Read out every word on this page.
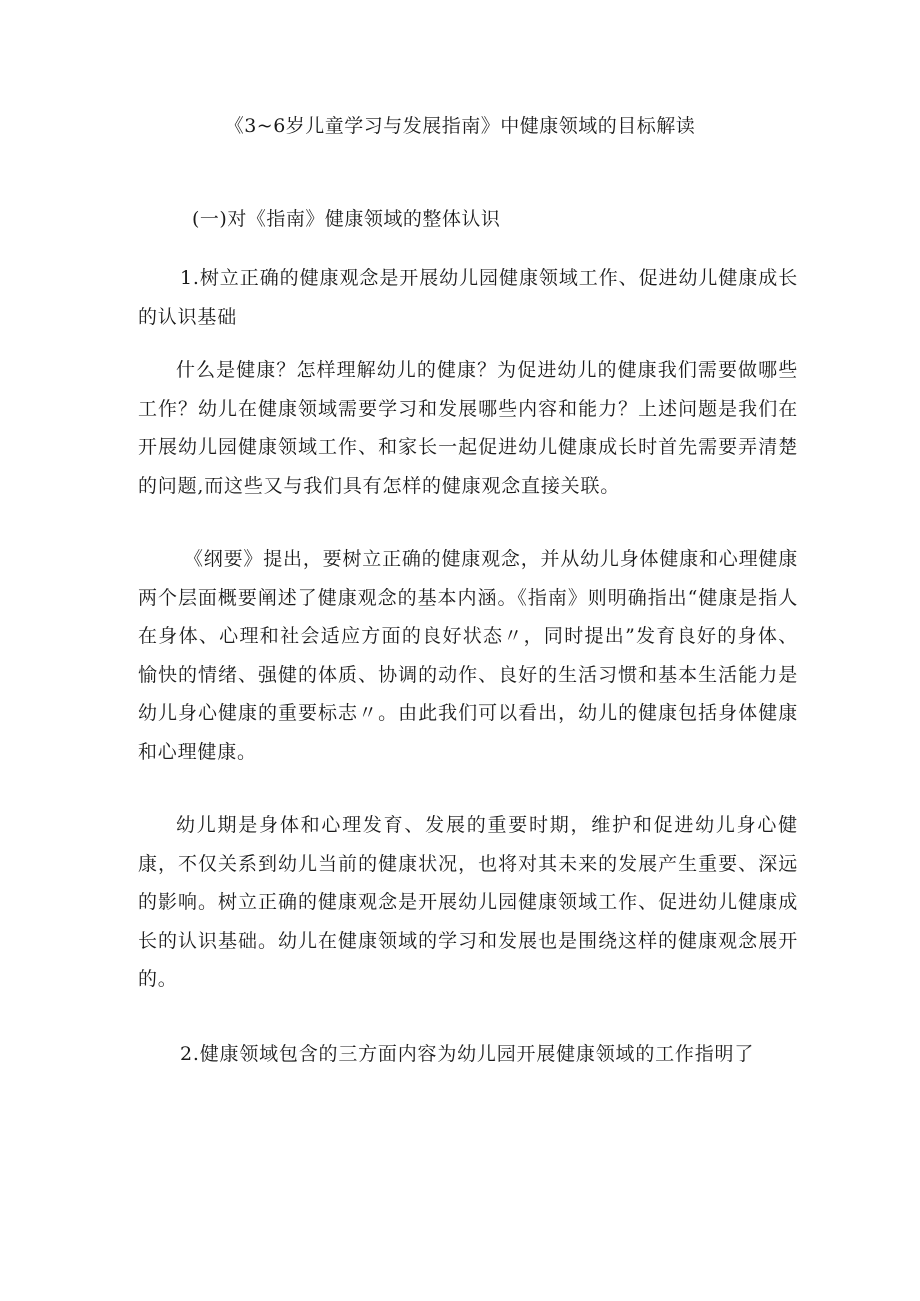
《3~6岁儿童学习与发展指南》中健康领域的目标解读
(一)对《指南》健康领域的整体认识

1.树立正确的健康观念是开展幼儿园健康领域工作、促进幼儿健康成长的认识基础

什么是健康？怎样理解幼儿的健康？为促进幼儿的健康我们需要做哪些工作？幼儿在健康领域需要学习和发展哪些内容和能力？上述问题是我们在开展幼儿园健康领域工作、和家长一起促进幼儿健康成长时首先需要弄清楚的问题,而这些又与我们具有怎样的健康观念直接关联。

《纲要》提出，要树立正确的健康观念，并从幼儿身体健康和心理健康两个层面概要阐述了健康观念的基本内涵。《指南》则明确指出“健康是指人在身体、心理和社会适应方面的良好状态〃，同时提出”发育良好的身体、愉快的情绪、强健的体质、协调的动作、良好的生活习惯和基本生活能力是幼儿身心健康的重要标志〃。由此我们可以看出，幼儿的健康包括身体健康和心理健康。

幼儿期是身体和心理发育、发展的重要时期，维护和促进幼儿身心健康，不仅关系到幼儿当前的健康状况，也将对其未来的发展产生重要、深远的影响。树立正确的健康观念是开展幼儿园健康领域工作、促进幼儿健康成长的认识基础。幼儿在健康领域的学习和发展也是围绕这样的健康观念展开的。

2.健康领域包含的三方面内容为幼儿园开展健康领域的工作指明了
